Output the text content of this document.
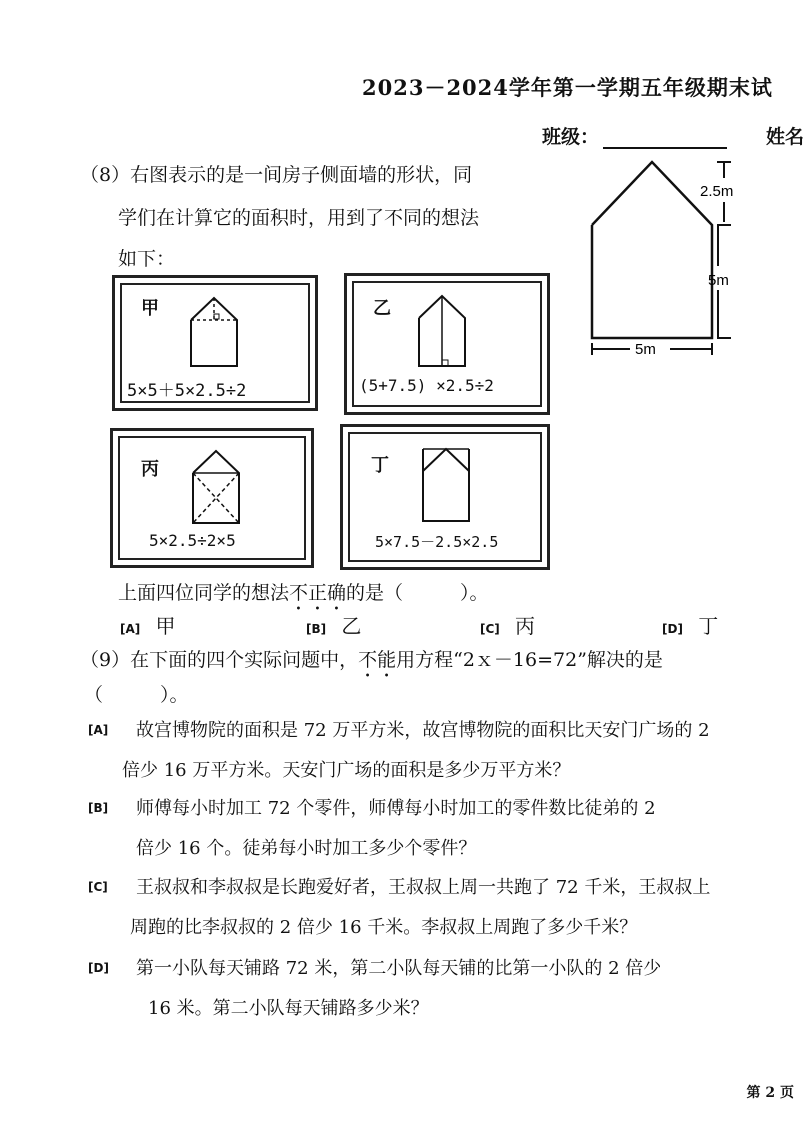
2023－2024学年第一学期五年级期末试
班级：	姓名
（8）右图表示的是一间房子侧面墙的形状，同
学们在计算它的面积时，用到了不同的想法
如下：
2.5m
5m
5m
甲
5×5＋5×2.5÷2
乙
(5+7.5) ×2.5÷2
丙
5×2.5÷2×5
丁
5×7.5－2.5×2.5
上面四位同学的想法不正确的是（　　　）。
[A] 甲	[B] 乙	[C] 丙	[D] 丁
（9）在下面的四个实际问题中，不能用方程“2ｘ－16=72”解决的是
（　　　）。
[A] 故宫博物院的面积是 72 万平方米，故宫博物院的面积比天安门广场的 2
倍少 16 万平方米。天安门广场的面积是多少万平方米？
[B] 师傅每小时加工 72 个零件，师傅每小时加工的零件数比徒弟的 2
倍少 16 个。徒弟每小时加工多少个零件？
[C] 王叔叔和李叔叔是长跑爱好者，王叔叔上周一共跑了 72 千米，王叔叔上
周跑的比李叔叔的 2 倍少 16 千米。李叔叔上周跑了多少千米？
[D] 第一小队每天铺路 72 米，第二小队每天铺的比第一小队的 2 倍少
16 米。第二小队每天铺路多少米？
第 2 页
